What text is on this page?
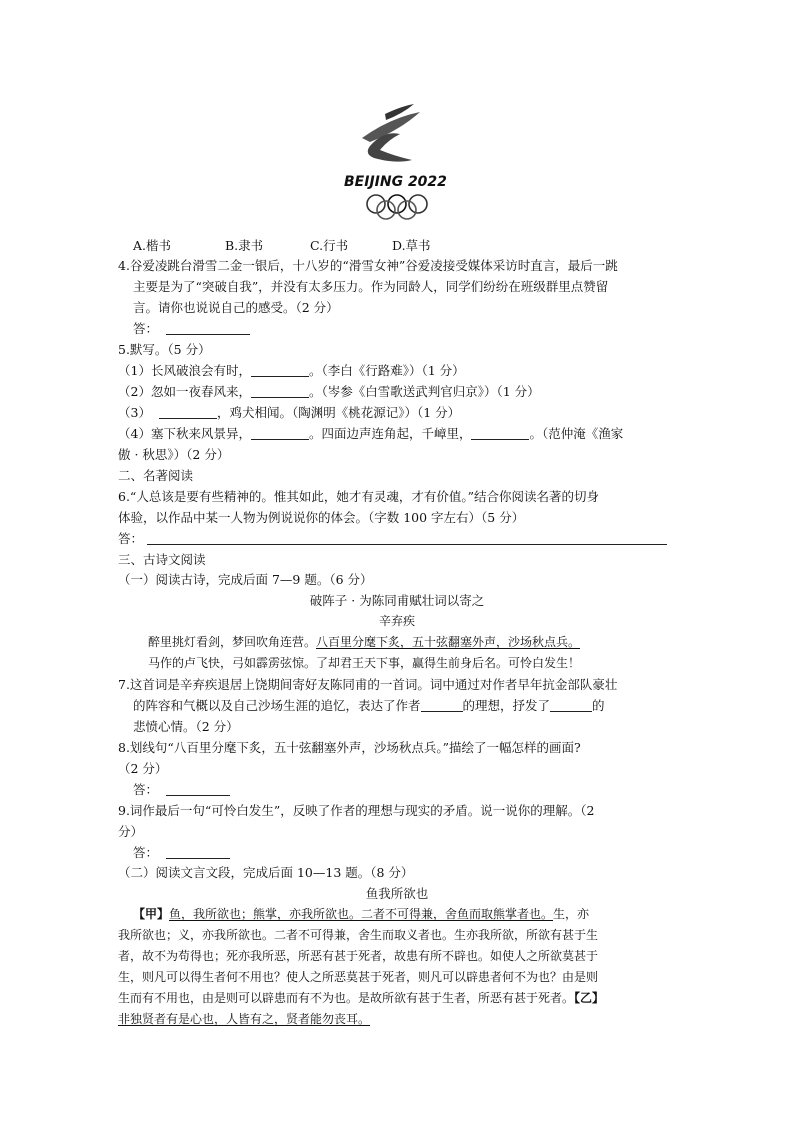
BEIJING 2022
A.楷书	B.隶书	C.行书	D.草书
4.谷爱凌跳台滑雪二金一银后，十八岁的“滑雪女神”谷爱凌接受媒体采访时直言，最后一跳
主要是为了“突破自我”，并没有太多压力。作为同龄人，同学们纷纷在班级群里点赞留
言。请你也说说自己的感受。（2 分）
答：
5.默写。（5 分）
（1）长风破浪会有时，	。（李白《行路难》）（1 分）
（2）忽如一夜春风来，	。（岑参《白雪歌送武判官归京》）（1 分）
（3）	，鸡犬相闻。（陶渊明《桃花源记》）（1 分）
（4）塞下秋来风景异，	。四面边声连角起，千嶂里，	。（范仲淹《渔家
傲 · 秋思》）（2 分）
二、名著阅读
6.“人总该是要有些精神的。惟其如此，她才有灵魂，才有价值。”结合你阅读名著的切身
体验，以作品中某一人物为例说说你的体会。（字数 100 字左右）（5 分）
答：
三、古诗文阅读
（一）阅读古诗，完成后面 7—9 题。（6 分）
破阵子 · 为陈同甫赋壮词以寄之
辛弃疾
醉里挑灯看剑，梦回吹角连营。八百里分麾下炙，五十弦翻塞外声，沙场秋点兵。
马作的卢飞快，弓如霹雳弦惊。了却君王天下事，赢得生前身后名。可怜白发生！
7.这首词是辛弃疾退居上饶期间寄好友陈同甫的一首词。词中通过对作者早年抗金部队豪壮
的阵容和气概以及自己沙场生涯的追忆，表达了作者	的理想，抒发了	的
悲愤心情。（2 分）
8.划线句“八百里分麾下炙，五十弦翻塞外声，沙场秋点兵。”描绘了一幅怎样的画面?
（2 分）
答：
9.词作最后一句“可怜白发生”，反映了作者的理想与现实的矛盾。说一说你的理解。（2
分）
答：
（二）阅读文言文段，完成后面 10—13 题。（8 分）
鱼我所欲也
【甲】鱼，我所欲也；熊掌，亦我所欲也。二者不可得兼，舍鱼而取熊掌者也。生，亦
我所欲也；义，亦我所欲也。二者不可得兼，舍生而取义者也。生亦我所欲，所欲有甚于生
者，故不为苟得也；死亦我所恶，所恶有甚于死者，故患有所不辟也。如使人之所欲莫甚于
生，则凡可以得生者何不用也？使人之所恶莫甚于死者，则凡可以辟患者何不为也？由是则
生而有不用也，由是则可以辟患而有不为也。是故所欲有甚于生者，所恶有甚于死者。【乙】
非独贤者有是心也，人皆有之，贤者能勿丧耳。
